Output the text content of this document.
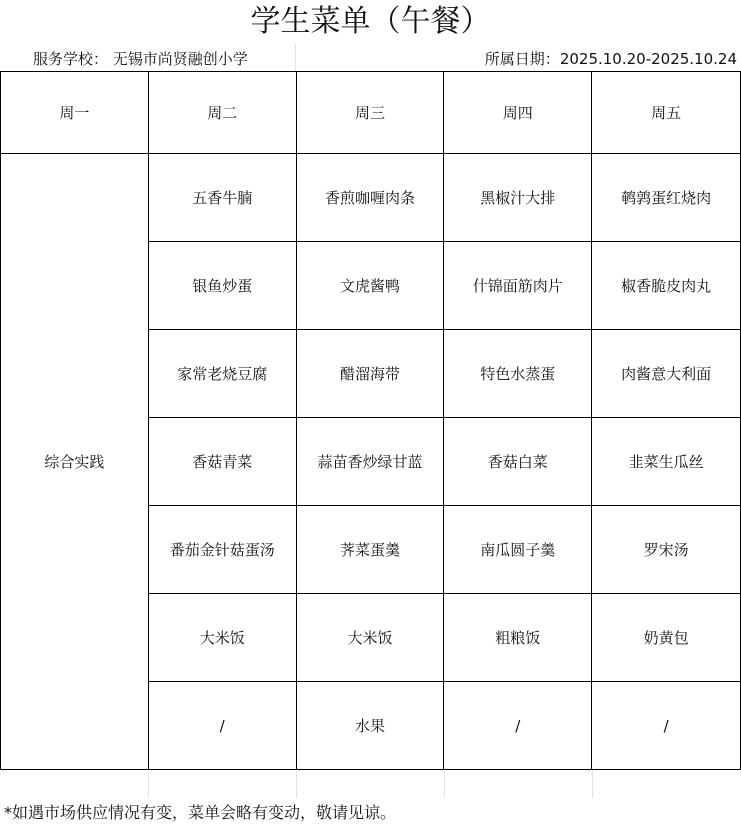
学生菜单（午餐）
服务学校： 无锡市尚贤融创小学	所属日期：2025.10.20-2025.10.24
周一	周二	周三	周四	周五
综合实践	五香牛腩	香煎咖喱肉条	黑椒汁大排	鹌鹑蛋红烧肉
	银鱼炒蛋	文虎酱鸭	什锦面筋肉片	椒香脆皮肉丸
	家常老烧豆腐	醋溜海带	特色水蒸蛋	肉酱意大利面
	香菇青菜	蒜苗香炒绿甘蓝	香菇白菜	韭菜生瓜丝
	番茄金针菇蛋汤	荠菜蛋羹	南瓜圆子羹	罗宋汤
	大米饭	大米饭	粗粮饭	奶黄包
	/	水果	/	/
*如遇市场供应情况有变，菜单会略有变动，敬请见谅。
